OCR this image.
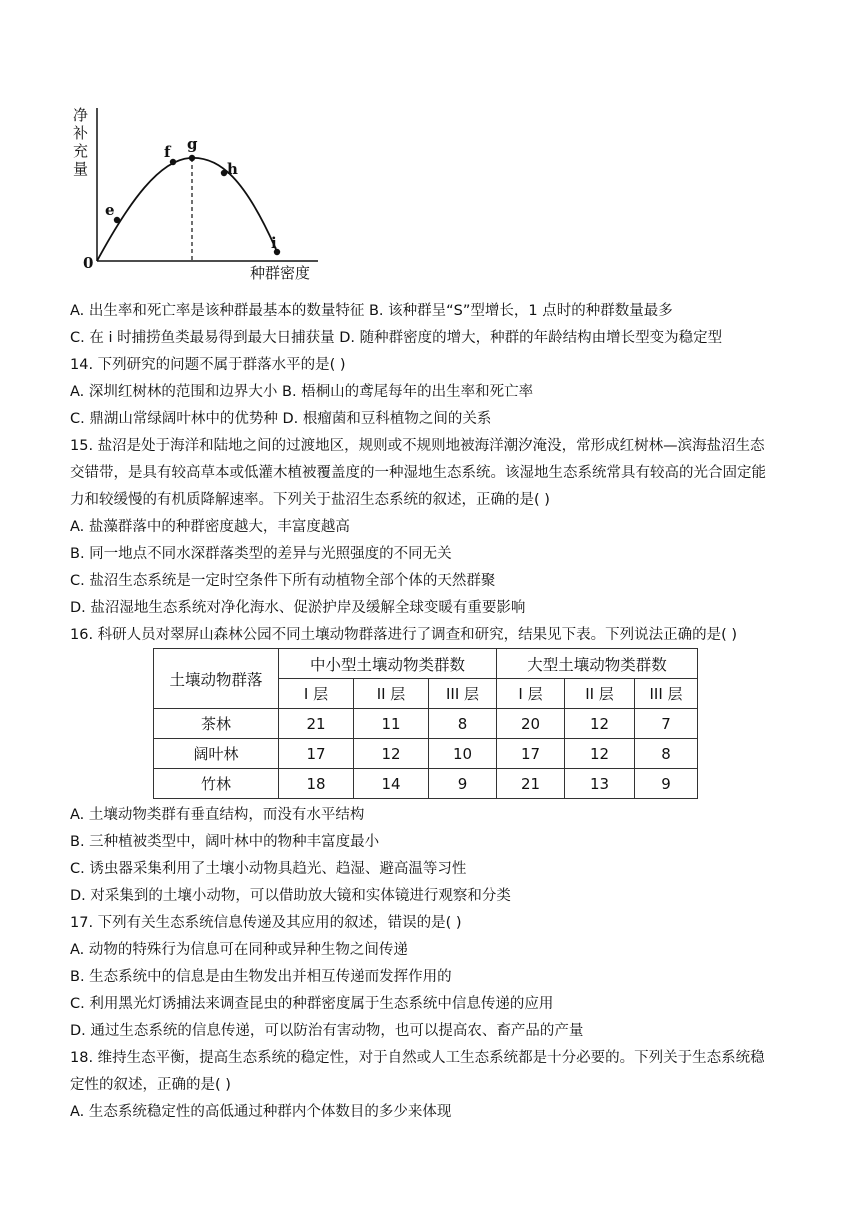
净
补
充
量
e
f g
h
i
0
种群密度
A. 出生率和死亡率是该种群最基本的数量特征 B. 该种群呈“S”型增长，1 点时的种群数量最多
C. 在 i 时捕捞鱼类最易得到最大日捕获量 D. 随种群密度的增大，种群的年龄结构由增长型变为稳定型
14. 下列研究的问题不属于群落水平的是( )
A. 深圳红树林的范围和边界大小 B. 梧桐山的鸢尾每年的出生率和死亡率
C. 鼎湖山常绿阔叶林中的优势种 D. 根瘤菌和豆科植物之间的关系
15. 盐沼是处于海洋和陆地之间的过渡地区，规则或不规则地被海洋潮汐淹没，常形成红树林—滨海盐沼生态
交错带，是具有较高草本或低灌木植被覆盖度的一种湿地生态系统。该湿地生态系统常具有较高的光合固定能
力和较缓慢的有机质降解速率。下列关于盐沼生态系统的叙述，正确的是( )
A. 盐藻群落中的种群密度越大，丰富度越高
B. 同一地点不同水深群落类型的差异与光照强度的不同无关
C. 盐沼生态系统是一定时空条件下所有动植物全部个体的天然群聚
D. 盐沼湿地生态系统对净化海水、促淤护岸及缓解全球变暖有重要影响
16. 科研人员对翠屏山森林公园不同土壤动物群落进行了调查和研究，结果见下表。下列说法正确的是( )
土壤动物群落	中小型土壤动物类群数			大型土壤动物类群数		
	I 层	II 层	III 层	I 层	II 层	III 层
茶林	21	11	8	20	12	7
阔叶林	17	12	10	17	12	8
竹林	18	14	9	21	13	9
A. 土壤动物类群有垂直结构，而没有水平结构
B. 三种植被类型中，阔叶林中的物种丰富度最小
C. 诱虫器采集利用了土壤小动物具趋光、趋湿、避高温等习性
D. 对采集到的土壤小动物，可以借助放大镜和实体镜进行观察和分类
17. 下列有关生态系统信息传递及其应用的叙述，错误的是( )
A. 动物的特殊行为信息可在同种或异种生物之间传递
B. 生态系统中的信息是由生物发出并相互传递而发挥作用的
C. 利用黑光灯诱捕法来调查昆虫的种群密度属于生态系统中信息传递的应用
D. 通过生态系统的信息传递，可以防治有害动物，也可以提高农、畜产品的产量
18. 维持生态平衡，提高生态系统的稳定性，对于自然或人工生态系统都是十分必要的。下列关于生态系统稳
定性的叙述，正确的是( )
A. 生态系统稳定性的高低通过种群内个体数目的多少来体现
